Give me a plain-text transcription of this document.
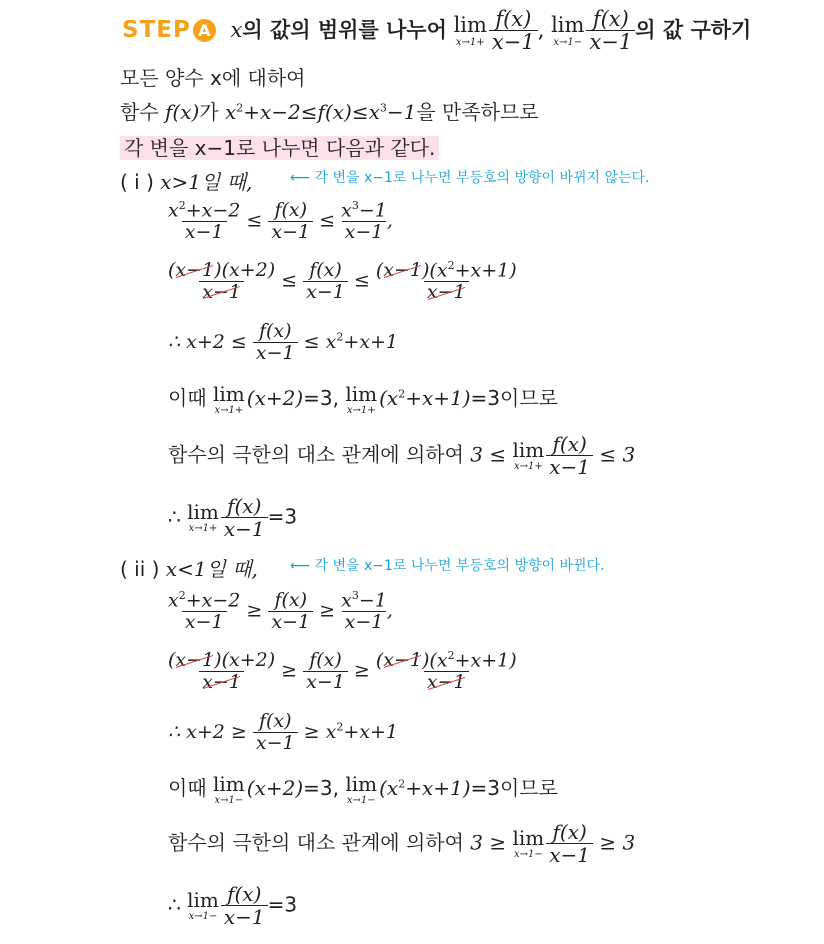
STEP A x의 값의 범위를 나누어 lim
$x\to 1+ \frac{f(x)}{x-1}$ , lim
$x\to 1- \frac{f(x)}{x-1}$ 의 값 구하기
모든 양수 x에 대하여
함수 f(x)가 $x^2+x-2\le f(x)\le x^3-1$을 만족하므로
각 변을 x−1로 나누면 다음과 같다.
( i ) x>1일 때,	⟵ 각 변을 x−1로 나누면 부등호의 방향이 바뀌지 않는다.
$\frac{x^2+x-2}{x-1} \le \frac{f(x)}{x-1} \le \frac{x^3-1}{x-1}$ ,
$\frac{(x-1)(x+2)}{x-1} \le \frac{f(x)}{x-1} \le \frac{(x-1)(x^2+x+1)}{x-1}$
∴ $x+2 \le \frac{f(x)}{x-1} \le x^2+x+1$
이때 lim
x→1+ (x+2)=3, lim
$x\to 1+ (x^2+x+1)=3$이므로
함수의 극한의 대소 관계에 의하여 3 ≤ lim
$x\to 1+ \frac{f(x)}{x-1} \le 3$
∴ lim
$x\to 1+ \frac{f(x)}{x-1} =3$
( ii ) x<1일 때, ⟵ 각 변을 x−1로 나누면 부등호의 방향이 바뀐다.
$\frac{x^2+x-2}{x-1} \ge \frac{f(x)}{x-1} \ge \frac{x^3-1}{x-1}$ ,
$\frac{(x-1)(x+2)}{x-1} \ge \frac{f(x)}{x-1} \ge \frac{(x-1)(x^2+x+1)}{x-1}$
∴ $x+2 \ge \frac{f(x)}{x-1} \ge x^2+x+1$
이때 lim
x→1− (x+2)=3, lim
$x\to 1- (x^2+x+1)=3$이므로
함수의 극한의 대소 관계에 의하여 3 ≥ lim
$x\to 1- \frac{f(x)}{x-1} \ge 3$
∴ lim
$x\to 1- \frac{f(x)}{x-1} =3$
